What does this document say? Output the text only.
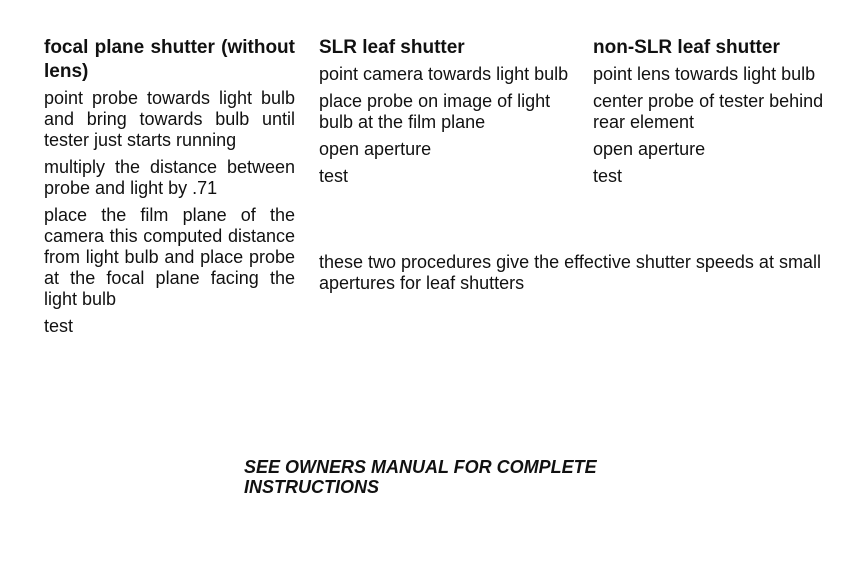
focal plane shutter (without lens)
point probe towards light bulb and bring towards bulb until tester just starts running
multiply the distance between probe and light by .71
place the film plane of the camera this computed distance from light bulb and place probe at the focal plane facing the light bulb
test
SLR leaf shutter
point camera towards light bulb
place probe on image of light bulb at the film plane
open aperture
test
non-SLR leaf shutter
point lens towards light bulb
center probe of tester behind rear element
open aperture
test
these two procedures give the effective shutter speeds at small apertures for leaf shutters
SEE OWNERS MANUAL FOR COMPLETE INSTRUCTIONS
